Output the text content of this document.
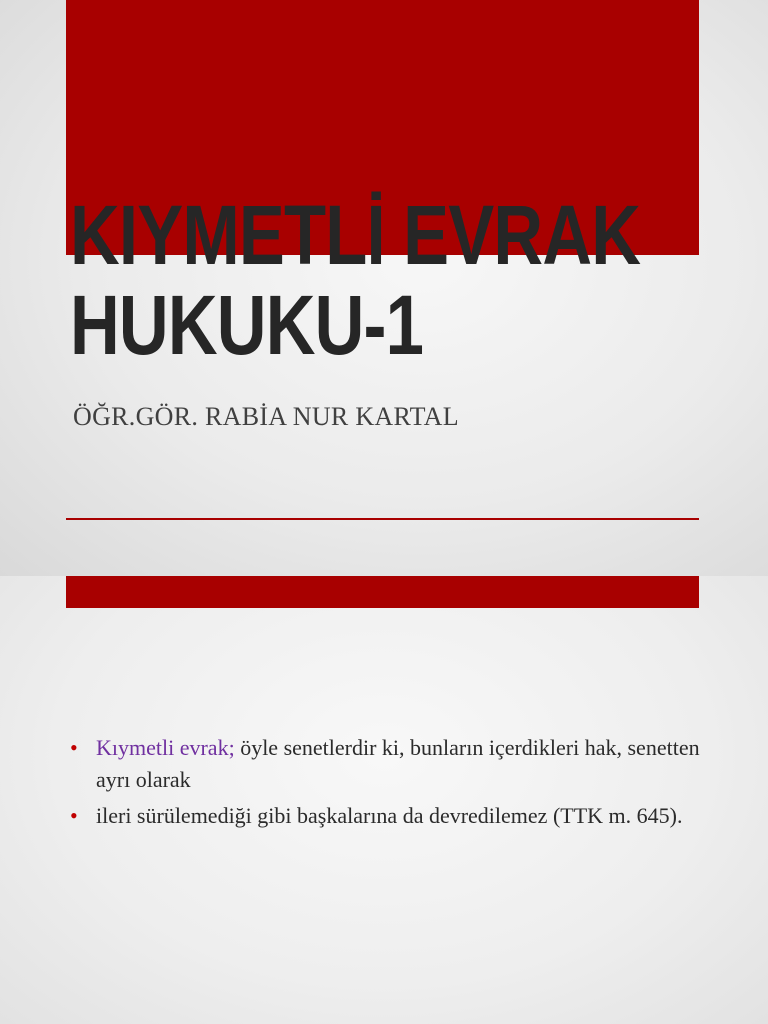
KIYMETLİ EVRAK
HUKUKU-1

ÖĞR.GÖR. RABİA NUR KARTAL

• Kıymetli evrak; öyle senetlerdir ki, bunların içerdikleri hak, senetten ayrı olarak
• ileri sürülemediği gibi başkalarına da devredilemez (TTK m. 645).
